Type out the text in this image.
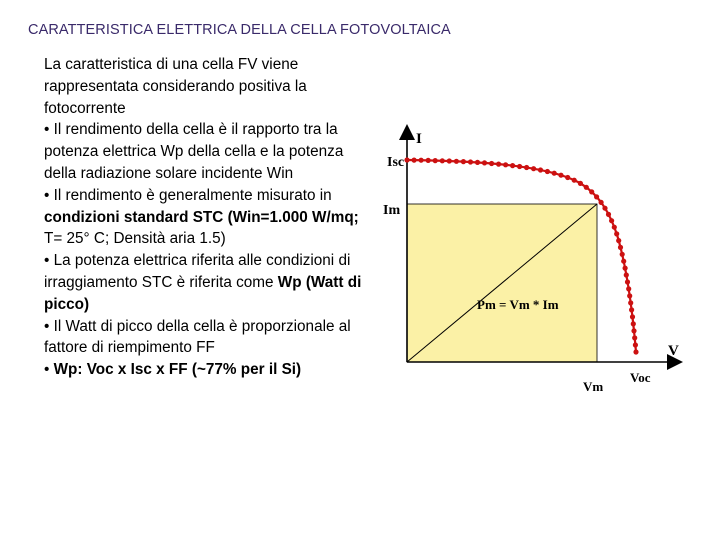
CARATTERISTICA ELETTRICA DELLA CELLA FOTOVOLTAICA

La caratteristica di una cella FV viene rappresentata considerando positiva la fotocorrente

• Il rendimento della cella è il rapporto tra la potenza elettrica Wp della cella e la potenza della radiazione solare incidente Win

• Il rendimento è generalmente misurato in condizioni standard STC (Win=1.000 W/mq; T= 25° C; Densità aria 1.5)

• La potenza elettrica riferita alle condizioni di irraggiamento STC è riferita come Wp (Watt di picco)

• Il Watt di picco della cella è proporzionale al fattore di riempimento FF

• Wp: Voc x Isc x FF (~77% per il Si)

I
Isc
Im
Pm = Vm * Im
V
Voc
Vm
